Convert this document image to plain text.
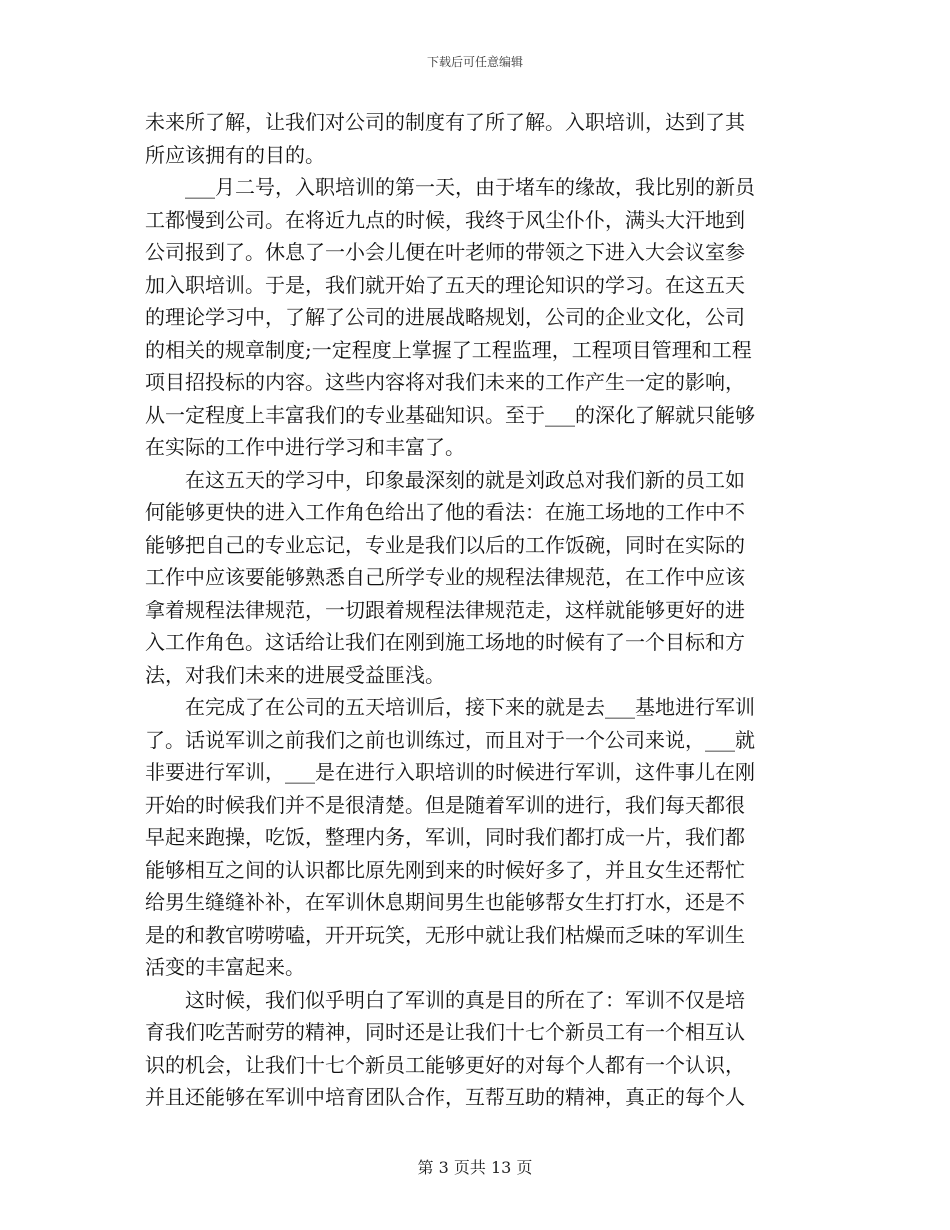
下载后可任意编辑
未来所了解，让我们对公司的制度有了所了解。入职培训，达到了其
所应该拥有的目的。
　　___月二号，入职培训的第一天，由于堵车的缘故，我比别的新员
工都慢到公司。在将近九点的时候，我终于风尘仆仆，满头大汗地到
公司报到了。休息了一小会儿便在叶老师的带领之下进入大会议室参
加入职培训。于是，我们就开始了五天的理论知识的学习。在这五天
的理论学习中，了解了公司的进展战略规划，公司的企业文化，公司
的相关的规章制度;一定程度上掌握了工程监理，工程项目管理和工程
项目招投标的内容。这些内容将对我们未来的工作产生一定的影响，
从一定程度上丰富我们的专业基础知识。至于___的深化了解就只能够
在实际的工作中进行学习和丰富了。
　　在这五天的学习中，印象最深刻的就是刘政总对我们新的员工如
何能够更快的进入工作角色给出了他的看法：在施工场地的工作中不
能够把自己的专业忘记，专业是我们以后的工作饭碗，同时在实际的
工作中应该要能够熟悉自己所学专业的规程法律规范，在工作中应该
拿着规程法律规范，一切跟着规程法律规范走，这样就能够更好的进
入工作角色。这话给让我们在刚到施工场地的时候有了一个目标和方
法，对我们未来的进展受益匪浅。
　　在完成了在公司的五天培训后，接下来的就是去___基地进行军训
了。话说军训之前我们之前也训练过，而且对于一个公司来说，___就
非要进行军训，___是在进行入职培训的时候进行军训，这件事儿在刚
开始的时候我们并不是很清楚。但是随着军训的进行，我们每天都很
早起来跑操，吃饭，整理内务，军训，同时我们都打成一片，我们都
能够相互之间的认识都比原先刚到来的时候好多了，并且女生还帮忙
给男生缝缝补补，在军训休息期间男生也能够帮女生打打水，还是不
是的和教官唠唠嗑，开开玩笑，无形中就让我们枯燥而乏味的军训生
活变的丰富起来。
　　这时候，我们似乎明白了军训的真是目的所在了：军训不仅是培
育我们吃苦耐劳的精神，同时还是让我们十七个新员工有一个相互认
识的机会，让我们十七个新员工能够更好的对每个人都有一个认识，
并且还能够在军训中培育团队合作，互帮互助的精神，真正的每个人
第 3 页共 13 页
